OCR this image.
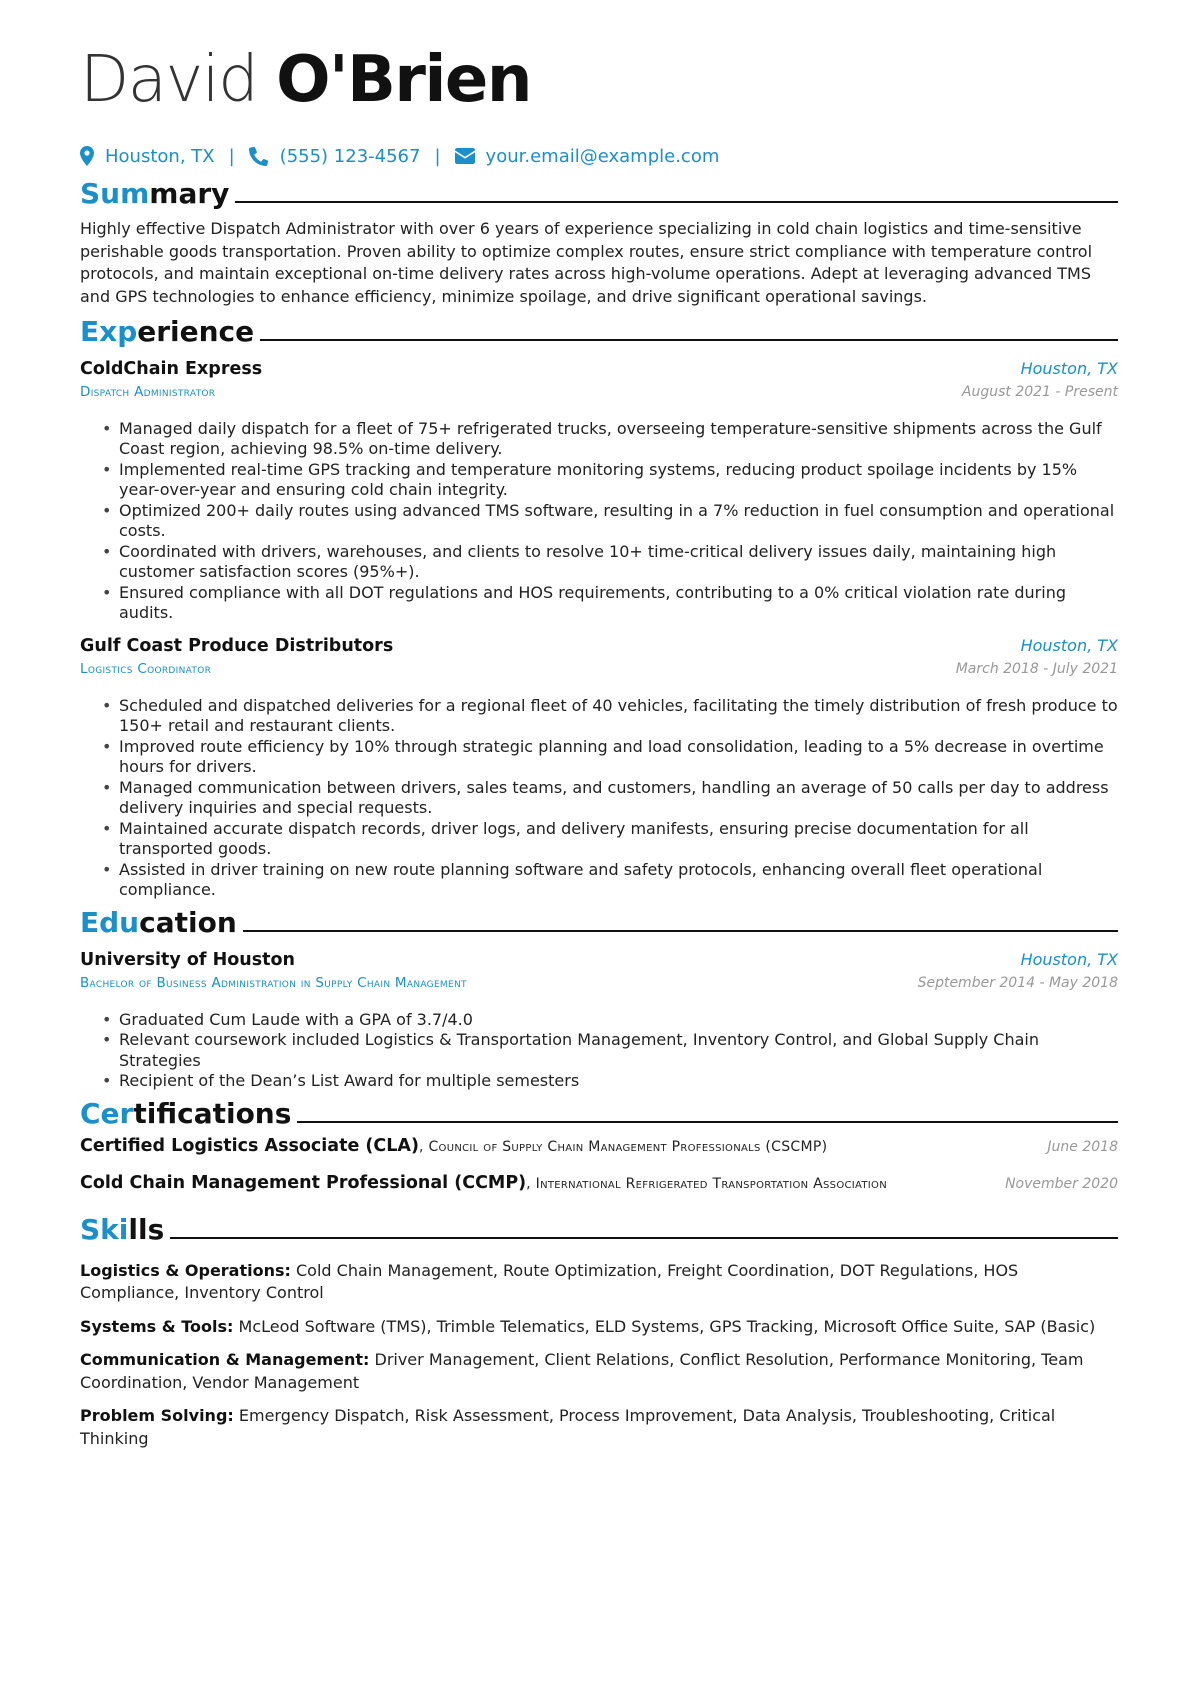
David O'Brien
Houston, TX |	(555) 123-4567 |	your.email@example.com
Summary
Highly effective Dispatch Administrator with over 6 years of experience specializing in cold chain logistics and time-sensitive perishable goods transportation. Proven ability to optimize complex routes, ensure strict compliance with temperature control protocols, and maintain exceptional on-time delivery rates across high-volume operations. Adept at leveraging advanced TMS and GPS technologies to enhance efficiency, minimize spoilage, and drive significant operational savings.
Experience
ColdChain Express	Houston, TX
Dispatch Administrator	August 2021 - Present
• Managed daily dispatch for a fleet of 75+ refrigerated trucks, overseeing temperature-sensitive shipments across the Gulf Coast region, achieving 98.5% on-time delivery.
• Implemented real-time GPS tracking and temperature monitoring systems, reducing product spoilage incidents by 15% year-over-year and ensuring cold chain integrity.
• Optimized 200+ daily routes using advanced TMS software, resulting in a 7% reduction in fuel consumption and operational costs.
• Coordinated with drivers, warehouses, and clients to resolve 10+ time-critical delivery issues daily, maintaining high customer satisfaction scores (95%+).
• Ensured compliance with all DOT regulations and HOS requirements, contributing to a 0% critical violation rate during audits.
Gulf Coast Produce Distributors	Houston, TX
Logistics Coordinator	March 2018 - July 2021
• Scheduled and dispatched deliveries for a regional fleet of 40 vehicles, facilitating the timely distribution of fresh produce to 150+ retail and restaurant clients.
• Improved route efficiency by 10% through strategic planning and load consolidation, leading to a 5% decrease in overtime hours for drivers.
• Managed communication between drivers, sales teams, and customers, handling an average of 50 calls per day to address delivery inquiries and special requests.
• Maintained accurate dispatch records, driver logs, and delivery manifests, ensuring precise documentation for all transported goods.
• Assisted in driver training on new route planning software and safety protocols, enhancing overall fleet operational compliance.
Education
University of Houston	Houston, TX
Bachelor of Business Administration in Supply Chain Management	September 2014 - May 2018
• Graduated Cum Laude with a GPA of 3.7/4.0
• Relevant coursework included Logistics & Transportation Management, Inventory Control, and Global Supply Chain Strategies
• Recipient of the Dean’s List Award for multiple semesters
Certifications
Certified Logistics Associate (CLA), Council of Supply Chain Management Professionals (CSCMP)	June 2018
Cold Chain Management Professional (CCMP), International Refrigerated Transportation Association	November 2020
Skills
Logistics & Operations: Cold Chain Management, Route Optimization, Freight Coordination, DOT Regulations, HOS Compliance, Inventory Control
Systems & Tools: McLeod Software (TMS), Trimble Telematics, ELD Systems, GPS Tracking, Microsoft Office Suite, SAP (Basic)
Communication & Management: Driver Management, Client Relations, Conflict Resolution, Performance Monitoring, Team Coordination, Vendor Management
Problem Solving: Emergency Dispatch, Risk Assessment, Process Improvement, Data Analysis, Troubleshooting, Critical Thinking
